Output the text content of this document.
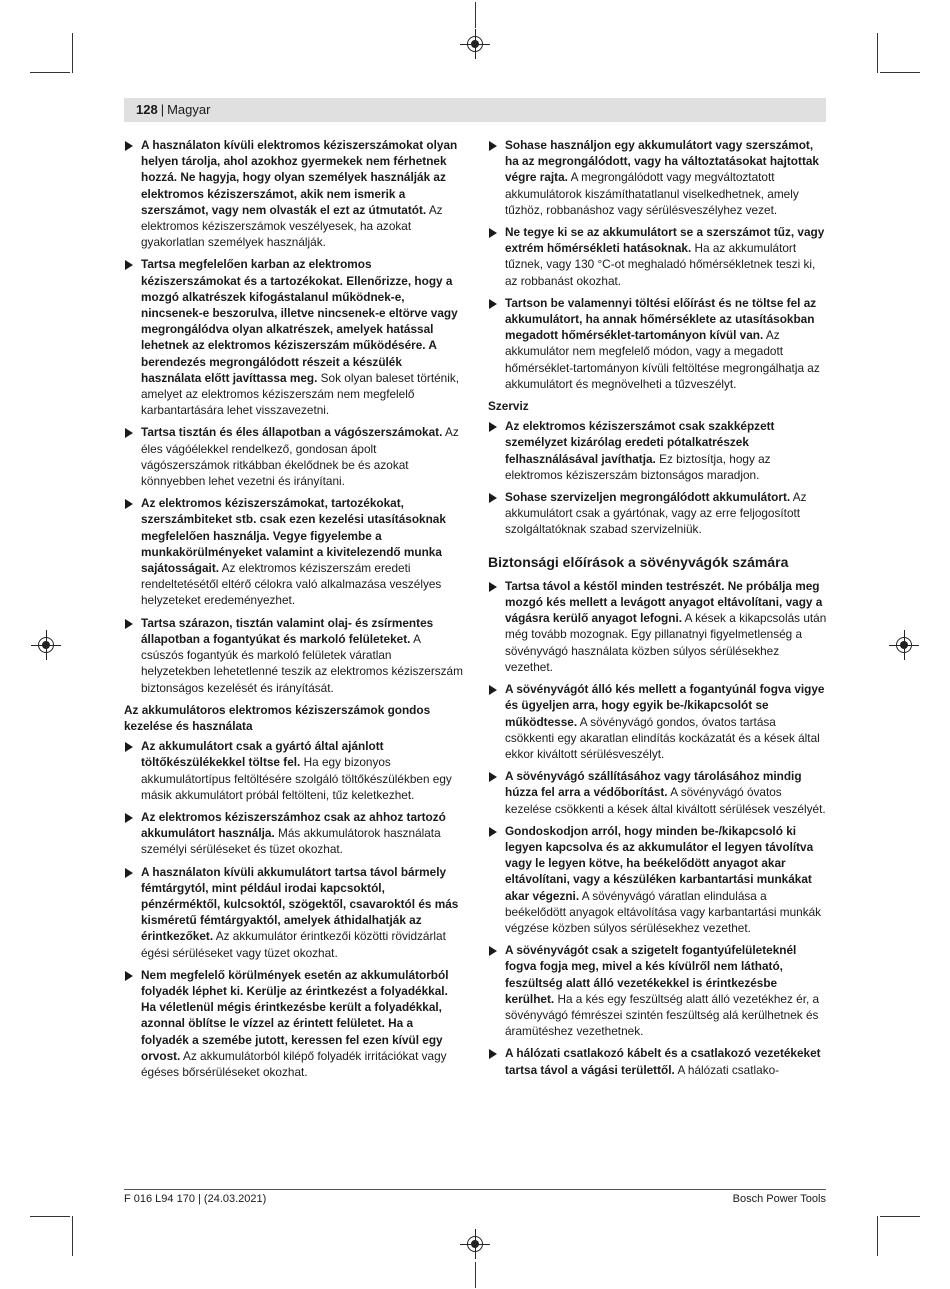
128 | Magyar
A használaton kívüli elektromos kéziszerszámokat olyan helyen tárolja, ahol azokhoz gyermekek nem férhetnek hozzá. Ne hagyja, hogy olyan személyek használják az elektromos kéziszerszámot, akik nem ismerik a szerszámot, vagy nem olvasták el ezt az útmutatót. Az elektromos kéziszerszámok veszélyesek, ha azokat gyakorlatlan személyek használják.
Tartsa megfelelően karban az elektromos kéziszerszámokat és a tartozékokat. Ellenőrizze, hogy a mozgó alkatrészek kifogástalanul működnek-e, nincsenek-e beszorulva, illetve nincsenek-e eltörve vagy megrongálódva olyan alkatrészek, amelyek hatással lehetnek az elektromos kéziszerszám működésére. A berendezés megrongálódott részeit a készülék használata előtt javíttassa meg. Sok olyan baleset történik, amelyet az elektromos kéziszerszám nem megfelelő karbantartására lehet visszavezetni.
Tartsa tisztán és éles állapotban a vágószerszámokat. Az éles vágóélekkel rendelkező, gondosan ápolt vágószerszámok ritkábban ékelődnek be és azokat könnyebben lehet vezetni és irányítani.
Az elektromos kéziszerszámokat, tartozékokat, szerszámbiteket stb. csak ezen kezelési utasításoknak megfelelően használja. Vegye figyelembe a munkakörülményeket valamint a kivitelezendő munka sajátosságait. Az elektromos kéziszerszám eredeti rendeltetésétől eltérő célokra való alkalmazása veszélyes helyzeteket eredeményezhet.
Tartsa szárazon, tisztán valamint olaj- és zsírmentes állapotban a fogantyúkat és markoló felületeket. A csúszós fogantyúk és markoló felületek váratlan helyzetekben lehetetlenné teszik az elektromos kéziszerszám biztonságos kezelését és irányítását.
Az akkumulátoros elektromos kéziszerszámok gondos kezelése és használata
Az akkumulátort csak a gyártó által ajánlott töltőkészülékekkel töltse fel. Ha egy bizonyos akkumulátortípus feltöltésére szolgáló töltőkészülékben egy másik akkumulátort próbál feltölteni, tűz keletkezhet.
Az elektromos kéziszerszámhoz csak az ahhoz tartozó akkumulátort használja. Más akkumulátorok használata személyi sérüléseket és tüzet okozhat.
A használaton kívüli akkumulátort tartsa távol bármely fémtárgytól, mint például irodai kapcsoktól, pénzérméktől, kulcsoktól, szögektől, csavaroktól és más kisméretű fémtárgyaktól, amelyek áthidalhatják az érintkezőket. Az akkumulátor érintkezői közötti rövidzárlat égési sérüléseket vagy tüzet okozhat.
Nem megfelelő körülmények esetén az akkumulátorból folyadék léphet ki. Kerülje az érintkezést a folyadékkal. Ha véletlenül mégis érintkezésbe került a folyadékkal, azonnal öblítse le vízzel az érintett felületet. Ha a folyadék a szemébe jutott, keressen fel ezen kívül egy orvost. Az akkumulátorból kilépő folyadék irritációkat vagy égéses bőrsérüléseket okozhat.
Sohase használjon egy akkumulátort vagy szerszámot, ha az megrongálódott, vagy ha változtatásokat hajtottak végre rajta. A megrongálódott vagy megváltoztatott akkumulátorok kiszámíthatatlanul viselkedhetnek, amely tűzhöz, robbanáshoz vagy sérülésveszélyhez vezet.
Ne tegye ki se az akkumulátort se a szerszámot tűz, vagy extrém hőmérsékleti hatásoknak. Ha az akkumulátort tűznek, vagy 130 °C-ot meghaladó hőmérsékletnek teszi ki, az robbanást okozhat.
Tartson be valamennyi töltési előírást és ne töltse fel az akkumulátort, ha annak hőmérséklete az utasításokban megadott hőmérséklet-tartományon kívül van. Az akkumulátor nem megfelelő módon, vagy a megadott hőmérséklet-tartományon kívüli feltöltése megrongálhatja az akkumulátort és megnövelheti a tűzveszélyt.
Szerviz
Az elektromos kéziszerszámot csak szakképzett személyzet kizárólag eredeti pótalkatrészek felhasználásával javíthatja. Ez biztosítja, hogy az elektromos kéziszerszám biztonságos maradjon.
Sohase szervizeljen megrongálódott akkumulátort. Az akkumulátort csak a gyártónak, vagy az erre feljogosított szolgáltatóknak szabad szervizelniük.
Biztonsági előírások a sövényvágók számára
Tartsa távol a késtől minden testrészét. Ne próbálja meg mozgó kés mellett a levágott anyagot eltávolítani, vagy a vágásra kerülő anyagot lefogni. A kések a kikapcsolás után még tovább mozognak. Egy pillanatnyi figyelmetlenség a sövényvágó használata közben súlyos sérülésekhez vezethet.
A sövényvágót álló kés mellett a fogantyúnál fogva vigye és ügyeljen arra, hogy egyik be-/kikapcsolót se működtesse. A sövényvágó gondos, óvatos tartása csökkenti egy akaratlan elindítás kockázatát és a kések által ekkor kiváltott sérülésveszélyt.
A sövényvágó szállításához vagy tárolásához mindig húzza fel arra a védőborítást. A sövényvágó óvatos kezelése csökkenti a kések által kiváltott sérülések veszélyét.
Gondoskodjon arról, hogy minden be-/kikapcsoló ki legyen kapcsolva és az akkumulátor el legyen távolítva vagy le legyen kötve, ha beékelődött anyagot akar eltávolítani, vagy a készüléken karbantartási munkákat akar végezni. A sövényvágó váratlan elindulása a beékelődött anyagok eltávolítása vagy karbantartási munkák végzése közben súlyos sérülésekhez vezethet.
A sövényvágót csak a szigetelt fogantyúfelületeknél fogva fogja meg, mivel a kés kívülről nem látható, feszültség alatt álló vezetékekkel is érintkezésbe kerülhet. Ha a kés egy feszültség alatt álló vezetékhez ér, a sövényvágó fémrészei szintén feszültség alá kerülhetnek és áramütéshez vezethetnek.
A hálózati csatlakozó kábelt és a csatlakozó vezetékeket tartsa távol a vágási területtől. A hálózati csatlako-
F 016 L94 170 | (24.03.2021)	Bosch Power Tools
